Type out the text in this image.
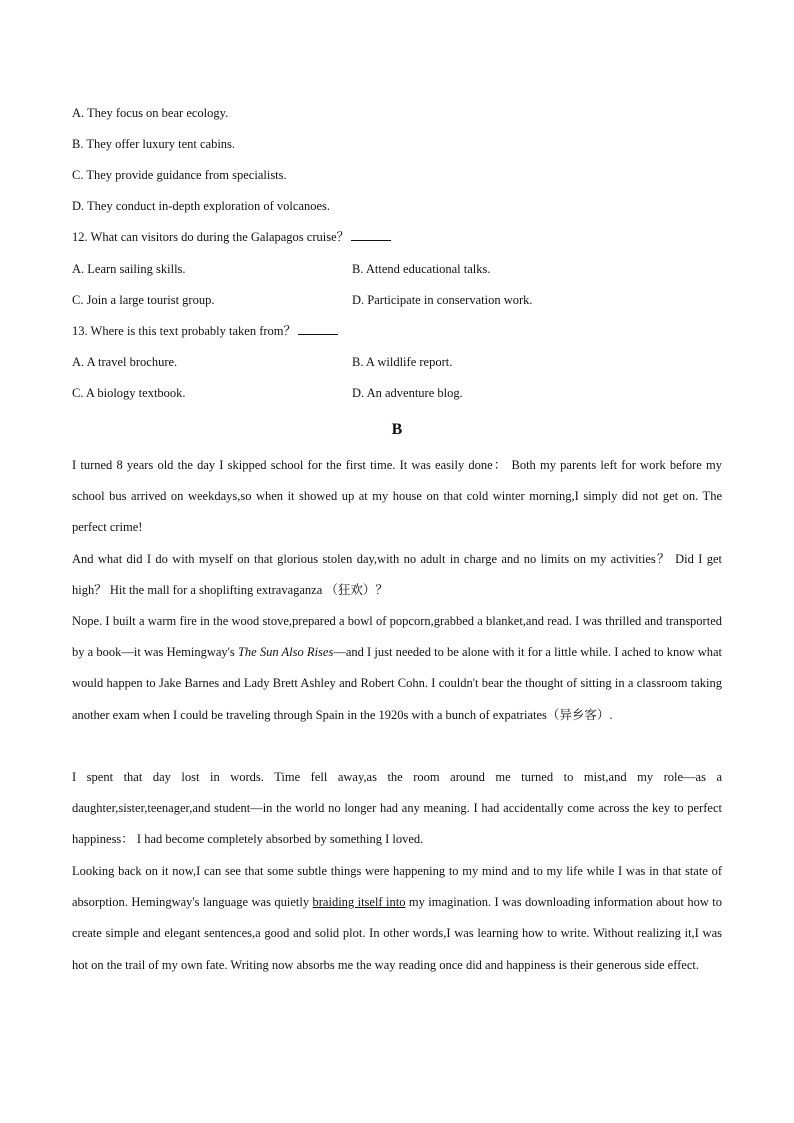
A. They focus on bear ecology.
B. They offer luxury tent cabins.
C. They provide guidance from specialists.
D. They conduct in-depth exploration of volcanoes.
12. What can visitors do during the Galapagos cruise？
A. Learn sailing skills.	B. Attend educational talks.
C. Join a large tourist group.	D. Participate in conservation work.
13. Where is this text probably taken from？
A. A travel brochure.	B. A wildlife report.
C. A biology textbook.	D. An adventure blog.
B
I turned 8 years old the day I skipped school for the first time. It was easily done： Both my parents left for work before my school bus arrived on weekdays,so when it showed up at my house on that cold winter morning,I simply did not get on. The perfect crime!
And what did I do with myself on that glorious stolen day,with no adult in charge and no limits on my activities？ Did I get high？ Hit the mall for a shoplifting extravaganza （狂欢）？
Nope. I built a warm fire in the wood stove,prepared a bowl of popcorn,grabbed a blanket,and read. I was thrilled and transported by a book—it was Hemingway's The Sun Also Rises—and I just needed to be alone with it for a little while. I ached to know what would happen to Jake Barnes and Lady Brett Ashley and Robert Cohn. I couldn't bear the thought of sitting in a classroom taking another exam when I could be traveling through Spain in the 1920s with a bunch of expatriates（异乡客）.
I spent that day lost in words. Time fell away,as the room around me turned to mist,and my role—as a daughter,sister,teenager,and student—in the world no longer had any meaning. I had accidentally come across the key to perfect happiness： I had become completely absorbed by something I loved.
Looking back on it now,I can see that some subtle things were happening to my mind and to my life while I was in that state of absorption. Hemingway's language was quietly braiding itself into my imagination. I was downloading information about how to create simple and elegant sentences,a good and solid plot. In other words,I was learning how to write. Without realizing it,I was hot on the trail of my own fate. Writing now absorbs me the way reading once did and happiness is their generous side effect.
